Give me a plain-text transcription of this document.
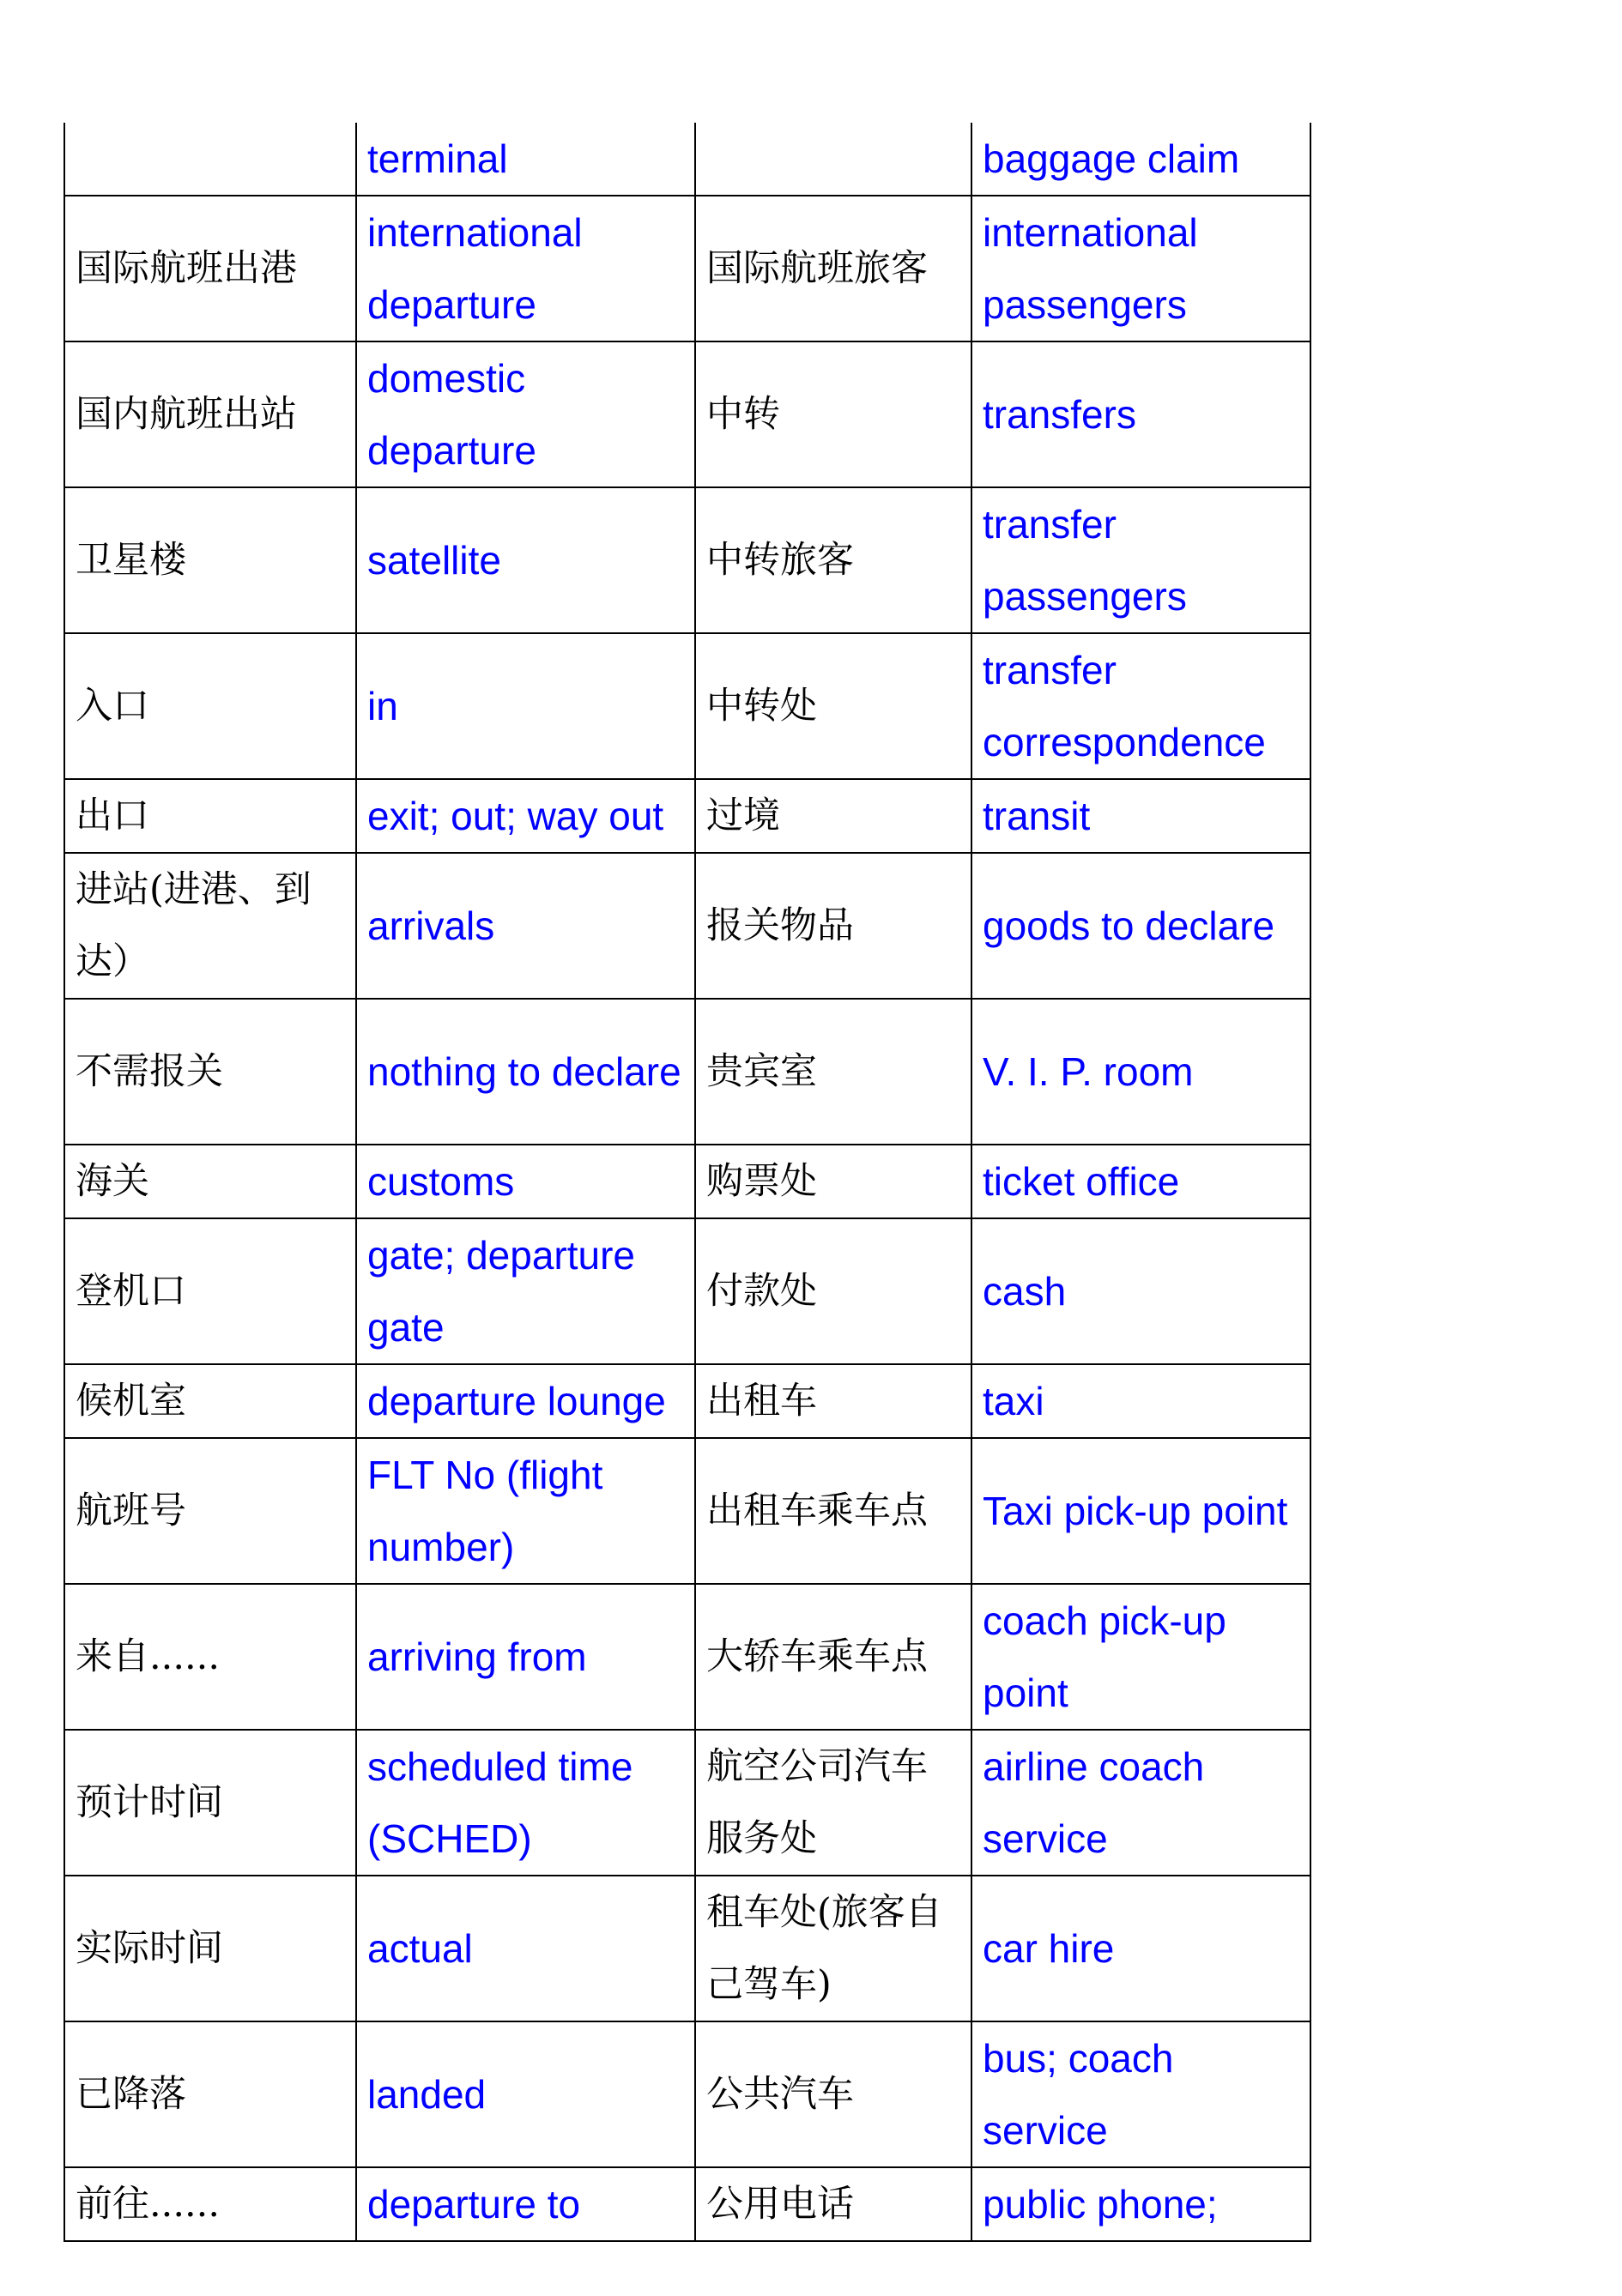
	terminal		baggage claim
国际航班出港	international departure	国际航班旅客	international passengers
国内航班出站	domestic departure	中转	transfers
卫星楼	satellite	中转旅客	transfer passengers
入口	in	中转处	transfer correspondence
出口	exit; out; way out	过境	transit
进站(进港、到达）	arrivals	报关物品	goods to declare
不需报关	nothing to declare	贵宾室	V. I. P. room
海关	customs	购票处	ticket office
登机口	gate; departure gate	付款处	cash
候机室	departure lounge	出租车	taxi
航班号	FLT No (flight number)	出租车乘车点	Taxi pick-up point
来自......	arriving from	大轿车乘车点	coach pick-up point
预计时间	scheduled time (SCHED)	航空公司汽车服务处	airline coach service
实际时间	actual	租车处(旅客自己驾车)	car hire
已降落	landed	公共汽车	bus; coach service
前往......	departure to	公用电话	public phone;
